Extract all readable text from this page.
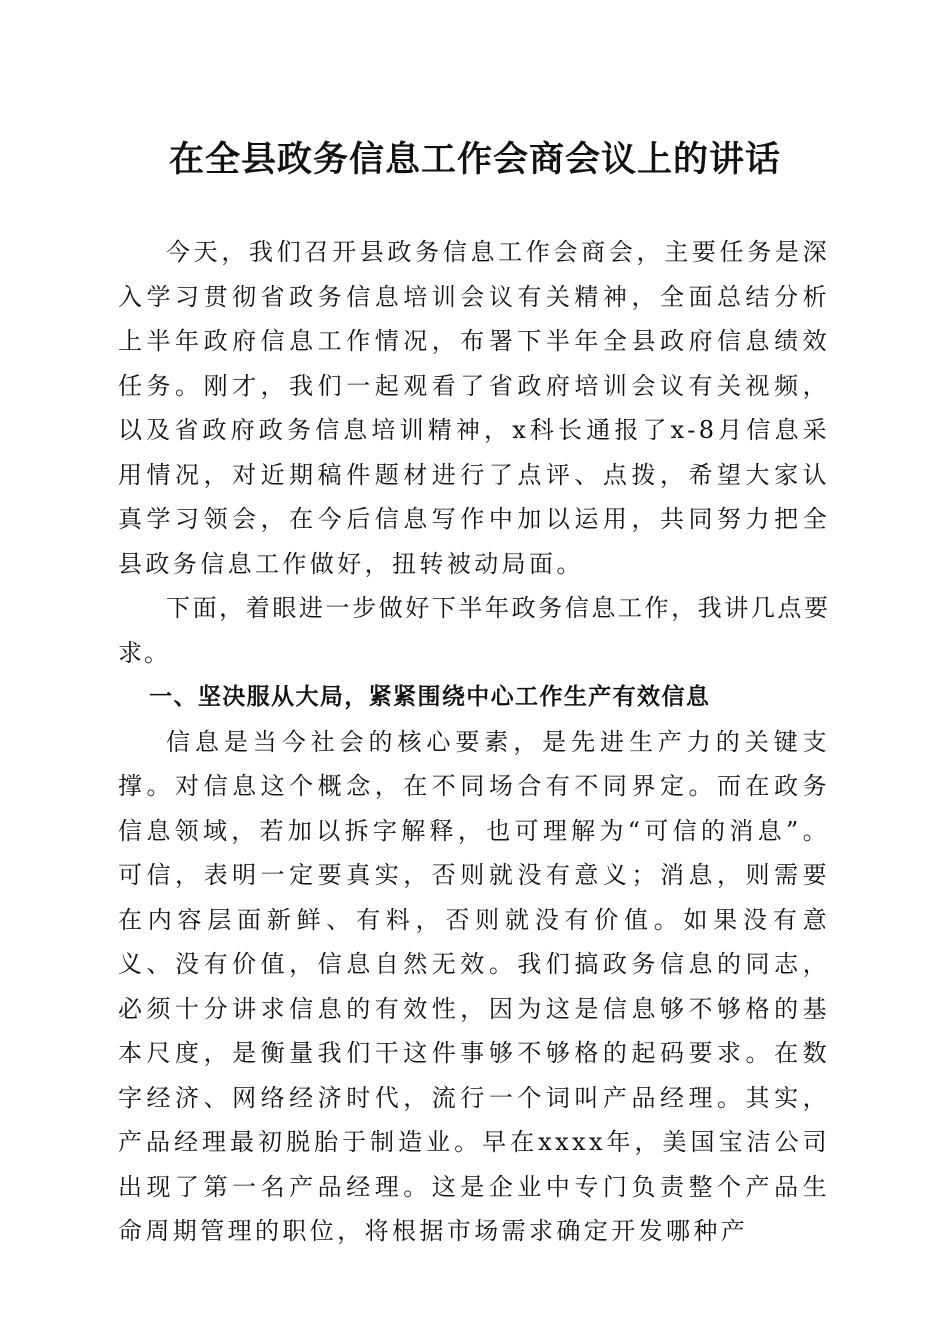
在全县政务信息工作会商会议上的讲话

今天，我们召开县政务信息工作会商会，主要任务是深入学习贯彻省政务信息培训会议有关精神，全面总结分析上半年政府信息工作情况，布署下半年全县政府信息绩效任务。刚才，我们一起观看了省政府培训会议有关视频，以及省政府政务信息培训精神，x科长通报了x-8月信息采用情况，对近期稿件题材进行了点评、点拨，希望大家认真学习领会，在今后信息写作中加以运用，共同努力把全县政务信息工作做好，扭转被动局面。

下面，着眼进一步做好下半年政务信息工作，我讲几点要求。

一、坚决服从大局，紧紧围绕中心工作生产有效信息

信息是当今社会的核心要素，是先进生产力的关键支撑。对信息这个概念，在不同场合有不同界定。而在政务信息领域，若加以拆字解释，也可理解为“可信的消息”。可信，表明一定要真实，否则就没有意义；消息，则需要在内容层面新鲜、有料，否则就没有价值。如果没有意义、没有价值，信息自然无效。我们搞政务信息的同志，必须十分讲求信息的有效性，因为这是信息够不够格的基本尺度，是衡量我们干这件事够不够格的起码要求。在数字经济、网络经济时代，流行一个词叫产品经理。其实，产品经理最初脱胎于制造业。早在xxxx年，美国宝洁公司出现了第一名产品经理。这是企业中专门负责整个产品生命周期管理的职位，将根据市场需求确定开发哪种产
